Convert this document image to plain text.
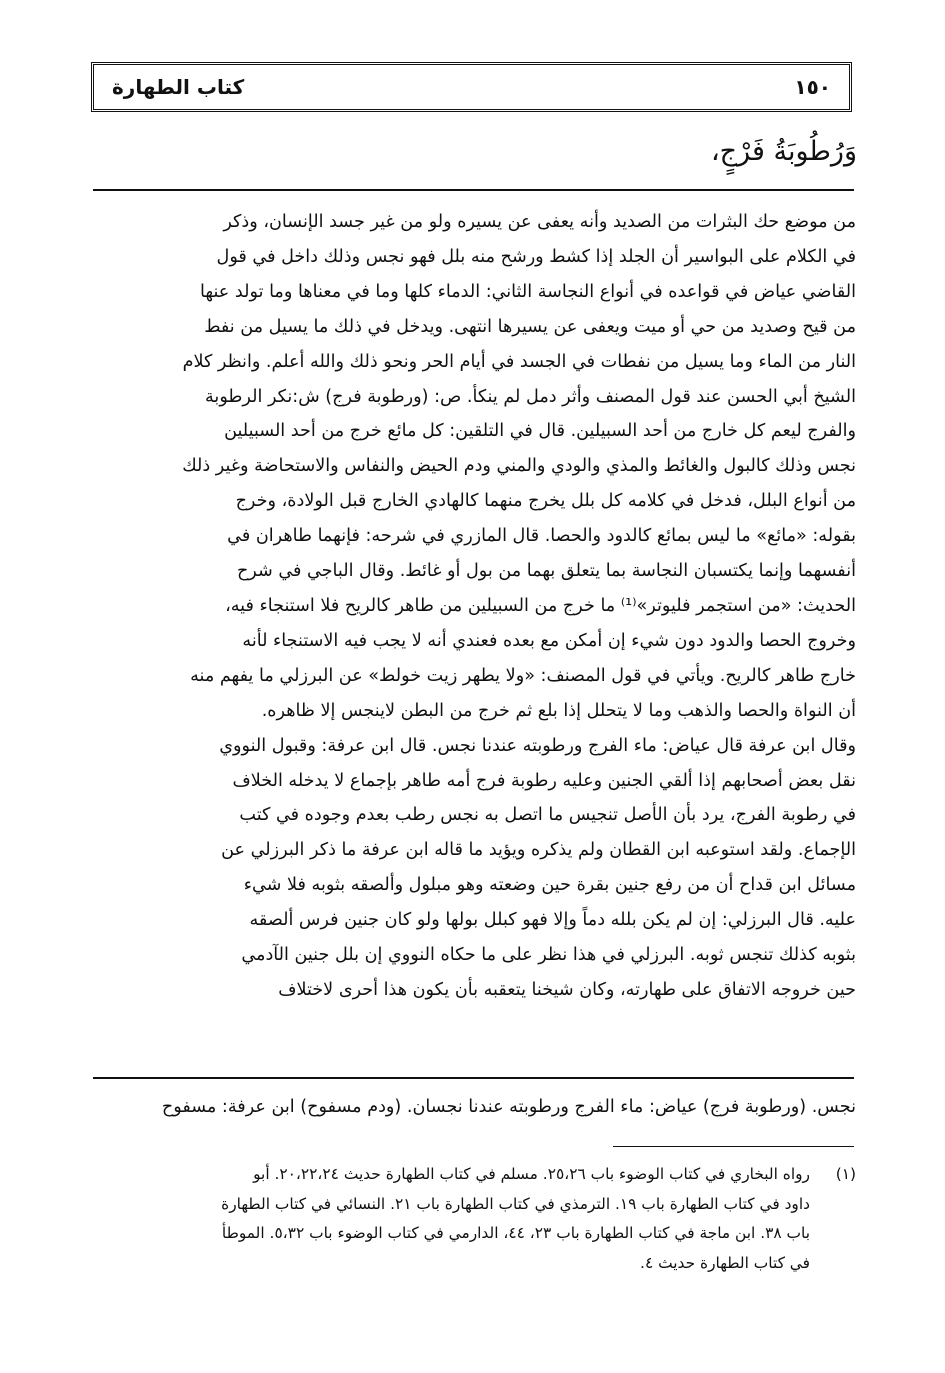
كتاب الطهارة	١٥٠
وَرُطُوبَةُ فَرْجٍ،
من موضع حك البثرات من الصديد وأنه يعفى عن يسيره ولو من غير جسد الإنسان، وذكر
في الكلام على البواسير أن الجلد إذا كشط ورشح منه بلل فهو نجس وذلك داخل في قول
القاضي عياض في قواعده في أنواع النجاسة الثاني: الدماء كلها وما في معناها وما تولد عنها
من قيح وصديد من حي أو ميت ويعفى عن يسيرها انتهى. ويدخل في ذلك ما يسيل من نفط
النار من الماء وما يسيل من نفطات في الجسد في أيام الحر ونحو ذلك والله أعلم. وانظر كلام
الشيخ أبي الحسن عند قول المصنف وأثر دمل لم ينكأ. ص: (ورطوبة فرج) ش:نكر الرطوبة
والفرج ليعم كل خارج من أحد السبيلين. قال في التلقين: كل مائع خرج من أحد السبيلين
نجس وذلك كالبول والغائط والمذي والودي والمني ودم الحيض والنفاس والاستحاضة وغير ذلك
من أنواع البلل، فدخل في كلامه كل بلل يخرج منهما كالهادي الخارج قبل الولادة، وخرج
بقوله: «مائع» ما ليس بمائع كالدود والحصا. قال المازري في شرحه: فإنهما طاهران في
أنفسهما وإنما يكتسبان النجاسة بما يتعلق بهما من بول أو غائط. وقال الباجي في شرح
الحديث: «من استجمر فليوتر»⁽¹⁾ ما خرج من السبيلين من طاهر كالريح فلا استنجاء فيه،
وخروج الحصا والدود دون شيء إن أمكن مع بعده فعندي أنه لا يجب فيه الاستنجاء لأنه
خارج طاهر كالريح. ويأتي في قول المصنف: «ولا يطهر زيت خولط» عن البرزلي ما يفهم منه
أن النواة والحصا والذهب وما لا يتحلل إذا بلع ثم خرج من البطن لاينجس إلا ظاهره.
وقال ابن عرفة قال عياض: ماء الفرج ورطوبته عندنا نجس. قال ابن عرفة: وقبول النووي
نقل بعض أصحابهم إذا ألقي الجنين وعليه رطوبة فرج أمه طاهر بإجماع لا يدخله الخلاف
في رطوبة الفرج، يرد بأن الأصل تنجيس ما اتصل به نجس رطب بعدم وجوده في كتب
الإجماع. ولقد استوعبه ابن القطان ولم يذكره ويؤيد ما قاله ابن عرفة ما ذكر البرزلي عن
مسائل ابن قداح أن من رفع جنين بقرة حين وضعته وهو مبلول وألصقه بثوبه فلا شيء
عليه. قال البرزلي: إن لم يكن بلله دماً وإلا فهو كبلل بولها ولو كان جنين فرس ألصقه
بثوبه كذلك تنجس ثوبه. البرزلي في هذا نظر على ما حكاه النووي إن بلل جنين الآدمي
حين خروجه الاتفاق على طهارته، وكان شيخنا يتعقبه بأن يكون هذا أحرى لاختلاف
نجس. (ورطوبة فرج) عياض: ماء الفرج ورطوبته عندنا نجسان. (ودم مسفوح) ابن عرفة: مسفوح
(١)
رواه البخاري في كتاب الوضوء باب ٢٥،٢٦. مسلم في كتاب الطهارة حديث ٢٠،٢٢،٢٤. أبو
داود في كتاب الطهارة باب ١٩. الترمذي في كتاب الطهارة باب ٢١. النسائي في كتاب الطهارة
باب ٣٨. ابن ماجة في كتاب الطهارة باب ٢٣، ٤٤، الدارمي في كتاب الوضوء باب ٥،٣٢. الموطأ
في كتاب الطهارة حديث ٤.
